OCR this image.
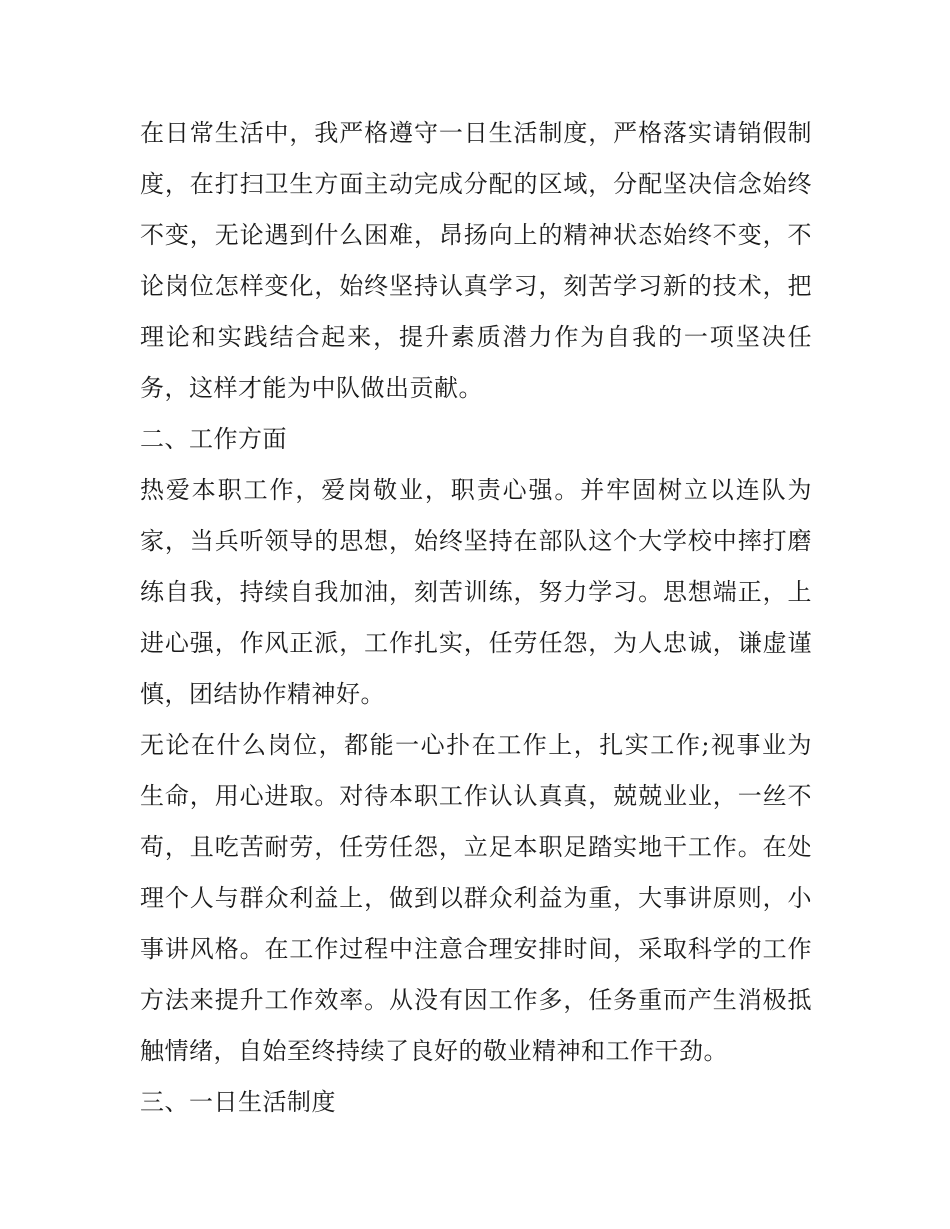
在日常生活中，我严格遵守一日生活制度，严格落实请销假制
度，在打扫卫生方面主动完成分配的区域，分配坚决信念始终
不变，无论遇到什么困难，昂扬向上的精神状态始终不变，不
论岗位怎样变化，始终坚持认真学习，刻苦学习新的技术，把
理论和实践结合起来，提升素质潜力作为自我的一项坚决任
务，这样才能为中队做出贡献。
二、工作方面
热爱本职工作，爱岗敬业，职责心强。并牢固树立以连队为
家，当兵听领导的思想，始终坚持在部队这个大学校中摔打磨
练自我，持续自我加油，刻苦训练，努力学习。思想端正，上
进心强，作风正派，工作扎实，任劳任怨，为人忠诚，谦虚谨
慎，团结协作精神好。
无论在什么岗位，都能一心扑在工作上，扎实工作;视事业为
生命，用心进取。对待本职工作认认真真，兢兢业业，一丝不
苟，且吃苦耐劳，任劳任怨，立足本职足踏实地干工作。在处
理个人与群众利益上，做到以群众利益为重，大事讲原则，小
事讲风格。在工作过程中注意合理安排时间，采取科学的工作
方法来提升工作效率。从没有因工作多，任务重而产生消极抵
触情绪，自始至终持续了良好的敬业精神和工作干劲。
三、一日生活制度
